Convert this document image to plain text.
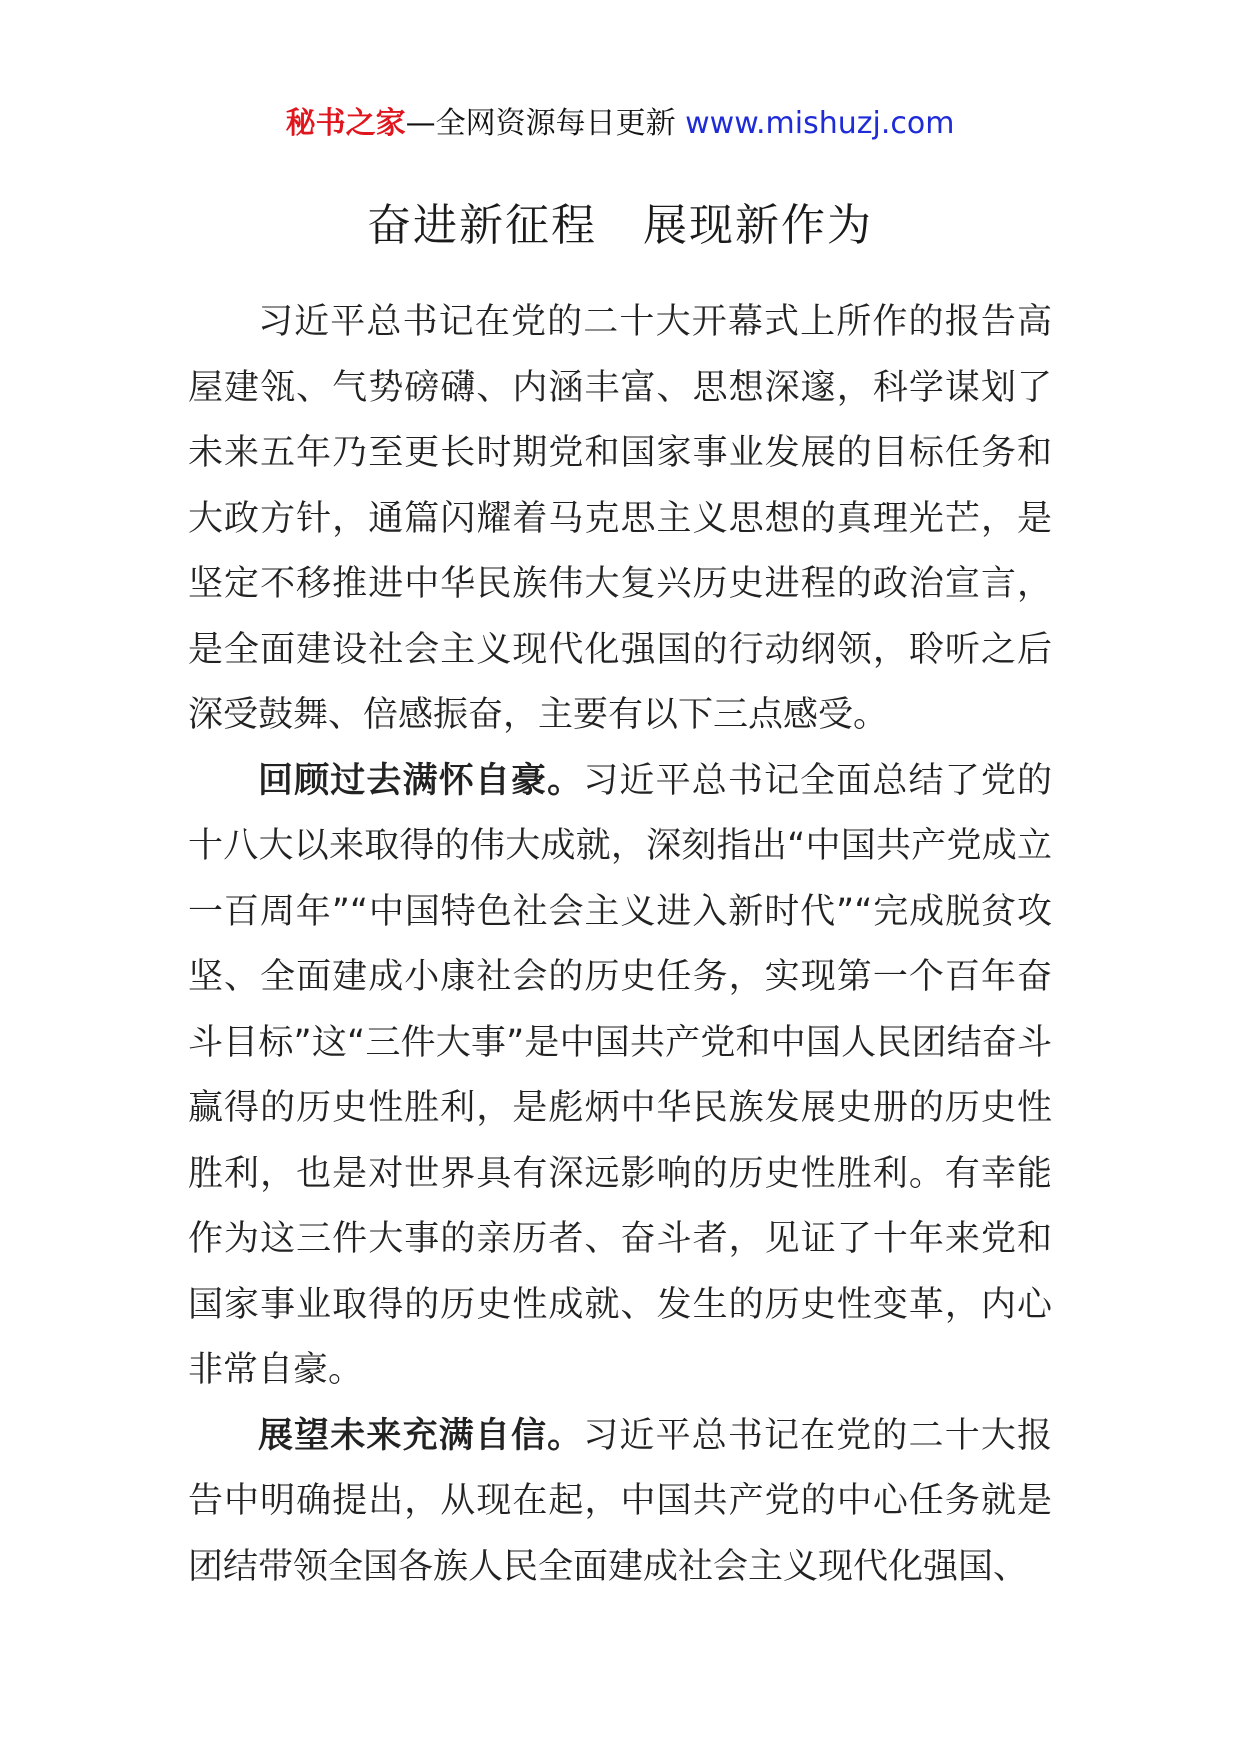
秘书之家—全网资源每日更新 www.mishuzj.com
奋进新征程　展现新作为

习近平总书记在党的二十大开幕式上所作的报告高屋建瓴、气势磅礴、内涵丰富、思想深邃，科学谋划了未来五年乃至更长时期党和国家事业发展的目标任务和大政方针，通篇闪耀着马克思主义思想的真理光芒，是坚定不移推进中华民族伟大复兴历史进程的政治宣言，是全面建设社会主义现代化强国的行动纲领，聆听之后深受鼓舞、倍感振奋，主要有以下三点感受。

回顾过去满怀自豪。习近平总书记全面总结了党的十八大以来取得的伟大成就，深刻指出“中国共产党成立一百周年”“中国特色社会主义进入新时代”“完成脱贫攻坚、全面建成小康社会的历史任务，实现第一个百年奋斗目标”这“三件大事”是中国共产党和中国人民团结奋斗赢得的历史性胜利，是彪炳中华民族发展史册的历史性胜利，也是对世界具有深远影响的历史性胜利。有幸能作为这三件大事的亲历者、奋斗者，见证了十年来党和国家事业取得的历史性成就、发生的历史性变革，内心非常自豪。

展望未来充满自信。习近平总书记在党的二十大报告中明确提出，从现在起，中国共产党的中心任务就是团结带领全国各族人民全面建成社会主义现代化强国、
